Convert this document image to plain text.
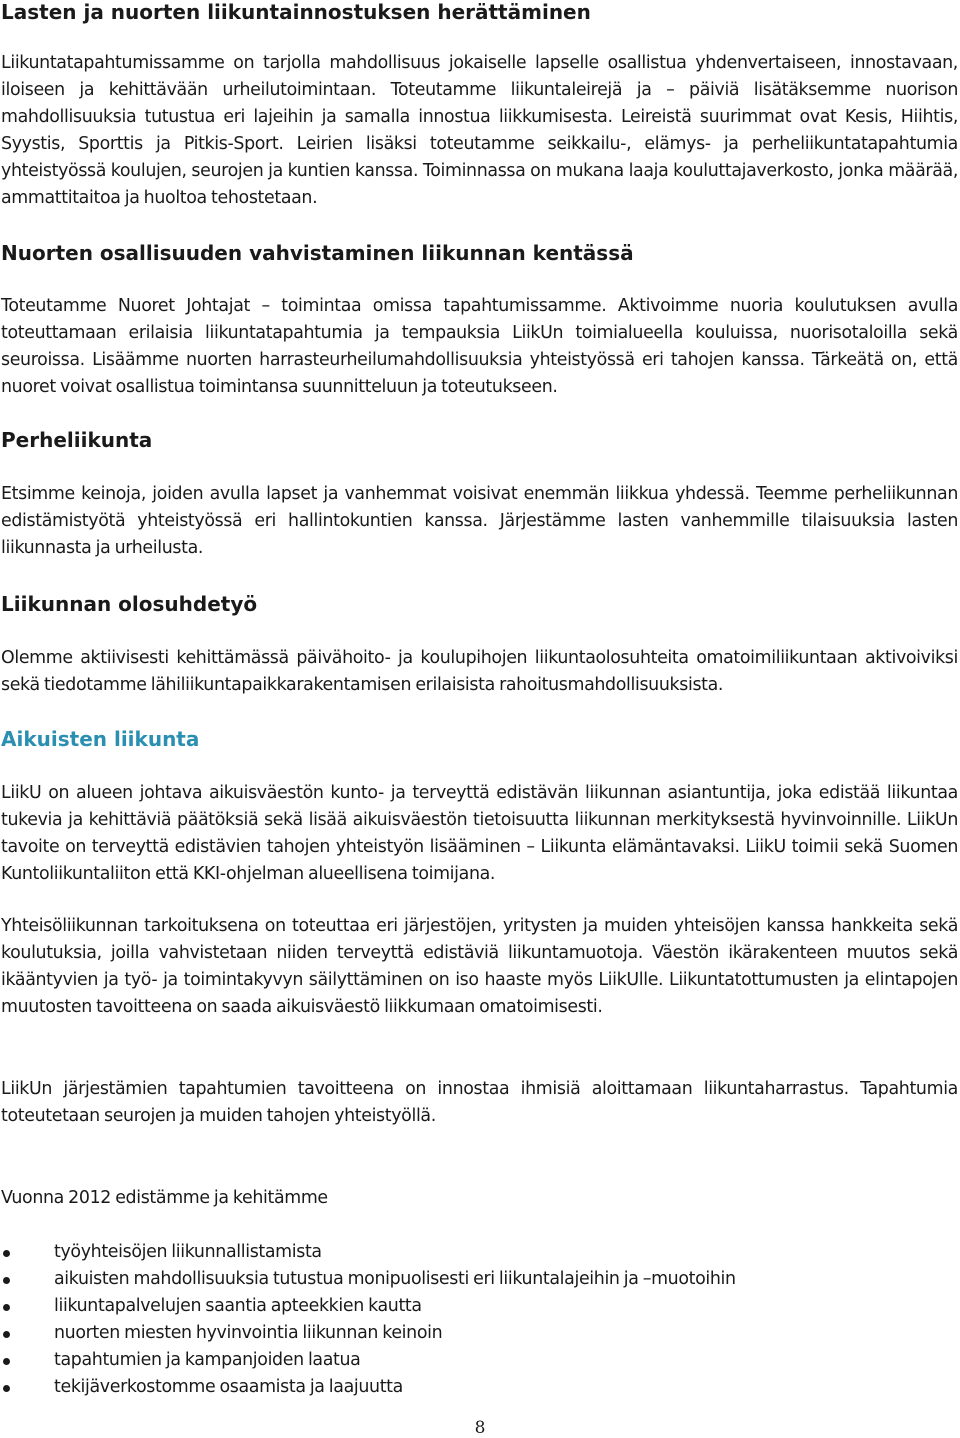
Lasten ja nuorten liikuntainnostuksen herättäminen

Liikuntatapahtumissamme on tarjolla mahdollisuus jokaiselle lapselle osallistua yhdenvertaiseen, innostavaan, iloiseen ja kehittävään urheilutoimintaan. Toteutamme liikuntaleirejä ja – päiviä lisätäksemme nuorison mahdollisuuksia tutustua eri lajeihin ja samalla innostua liikkumisesta. Leireistä suurimmat ovat Kesis, Hiihtis, Syystis, Sporttis ja Pitkis-Sport. Leirien lisäksi toteutamme seikkailu-, elämys- ja perheliikuntatapahtumia yhteistyössä koulujen, seurojen ja kuntien kanssa. Toiminnassa on mukana laaja kouluttajaverkosto, jonka määrää, ammattitaitoa ja huoltoa tehostetaan.

Nuorten osallisuuden vahvistaminen liikunnan kentässä

Toteutamme Nuoret Johtajat – toimintaa omissa tapahtumissamme. Aktivoimme nuoria koulutuksen avulla toteuttamaan erilaisia liikuntatapahtumia ja tempauksia LiikUn toimialueella kouluissa, nuorisotaloilla sekä seuroissa. Lisäämme nuorten harrasteurheilumahdollisuuksia yhteistyössä eri tahojen kanssa. Tärkeätä on, että nuoret voivat osallistua toimintansa suunnitteluun ja toteutukseen.

Perheliikunta

Etsimme keinoja, joiden avulla lapset ja vanhemmat voisivat enemmän liikkua yhdessä. Teemme perheliikunnan edistämistyötä yhteistyössä eri hallintokuntien kanssa. Järjestämme lasten vanhemmille tilaisuuksia lasten liikunnasta ja urheilusta.

Liikunnan olosuhdetyö

Olemme aktiivisesti kehittämässä päivähoito- ja koulupihojen liikuntaolosuhteita omatoimiliikuntaan aktivoiviksi sekä tiedotamme lähiliikuntapaikkarakentamisen erilaisista rahoitusmahdollisuuksista.

Aikuisten liikunta

LiikU on alueen johtava aikuisväestön kunto- ja terveyttä edistävän liikunnan asiantuntija, joka edistää liikuntaa tukevia ja kehittäviä päätöksiä sekä lisää aikuisväestön tietoisuutta liikunnan merkityksestä hyvinvoinnille. LiikUn tavoite on terveyttä edistävien tahojen yhteistyön lisääminen – Liikunta elämäntavaksi. LiikU toimii sekä Suomen Kuntoliikuntaliiton että KKI-ohjelman alueellisena toimijana.

Yhteisöliikunnan tarkoituksena on toteuttaa eri järjestöjen, yritysten ja muiden yhteisöjen kanssa hankkeita sekä koulutuksia, joilla vahvistetaan niiden terveyttä edistäviä liikuntamuotoja. Väestön ikärakenteen muutos sekä ikääntyvien ja työ- ja toimintakyvyn säilyttäminen on iso haaste myös LiikUlle. Liikuntatottumusten ja elintapojen muutosten tavoitteena on saada aikuisväestö liikkumaan omatoimisesti.

LiikUn järjestämien tapahtumien tavoitteena on innostaa ihmisiä aloittamaan liikuntaharrastus. Tapahtumia toteutetaan seurojen ja muiden tahojen yhteistyöllä.

Vuonna 2012 edistämme ja kehitämme

työyhteisöjen liikunnallistamista
aikuisten mahdollisuuksia tutustua monipuolisesti eri liikuntalajeihin ja –muotoihin
liikuntapalvelujen saantia apteekkien kautta
nuorten miesten hyvinvointia liikunnan keinoin
tapahtumien ja kampanjoiden laatua
tekijäverkostomme osaamista ja laajuutta
8
